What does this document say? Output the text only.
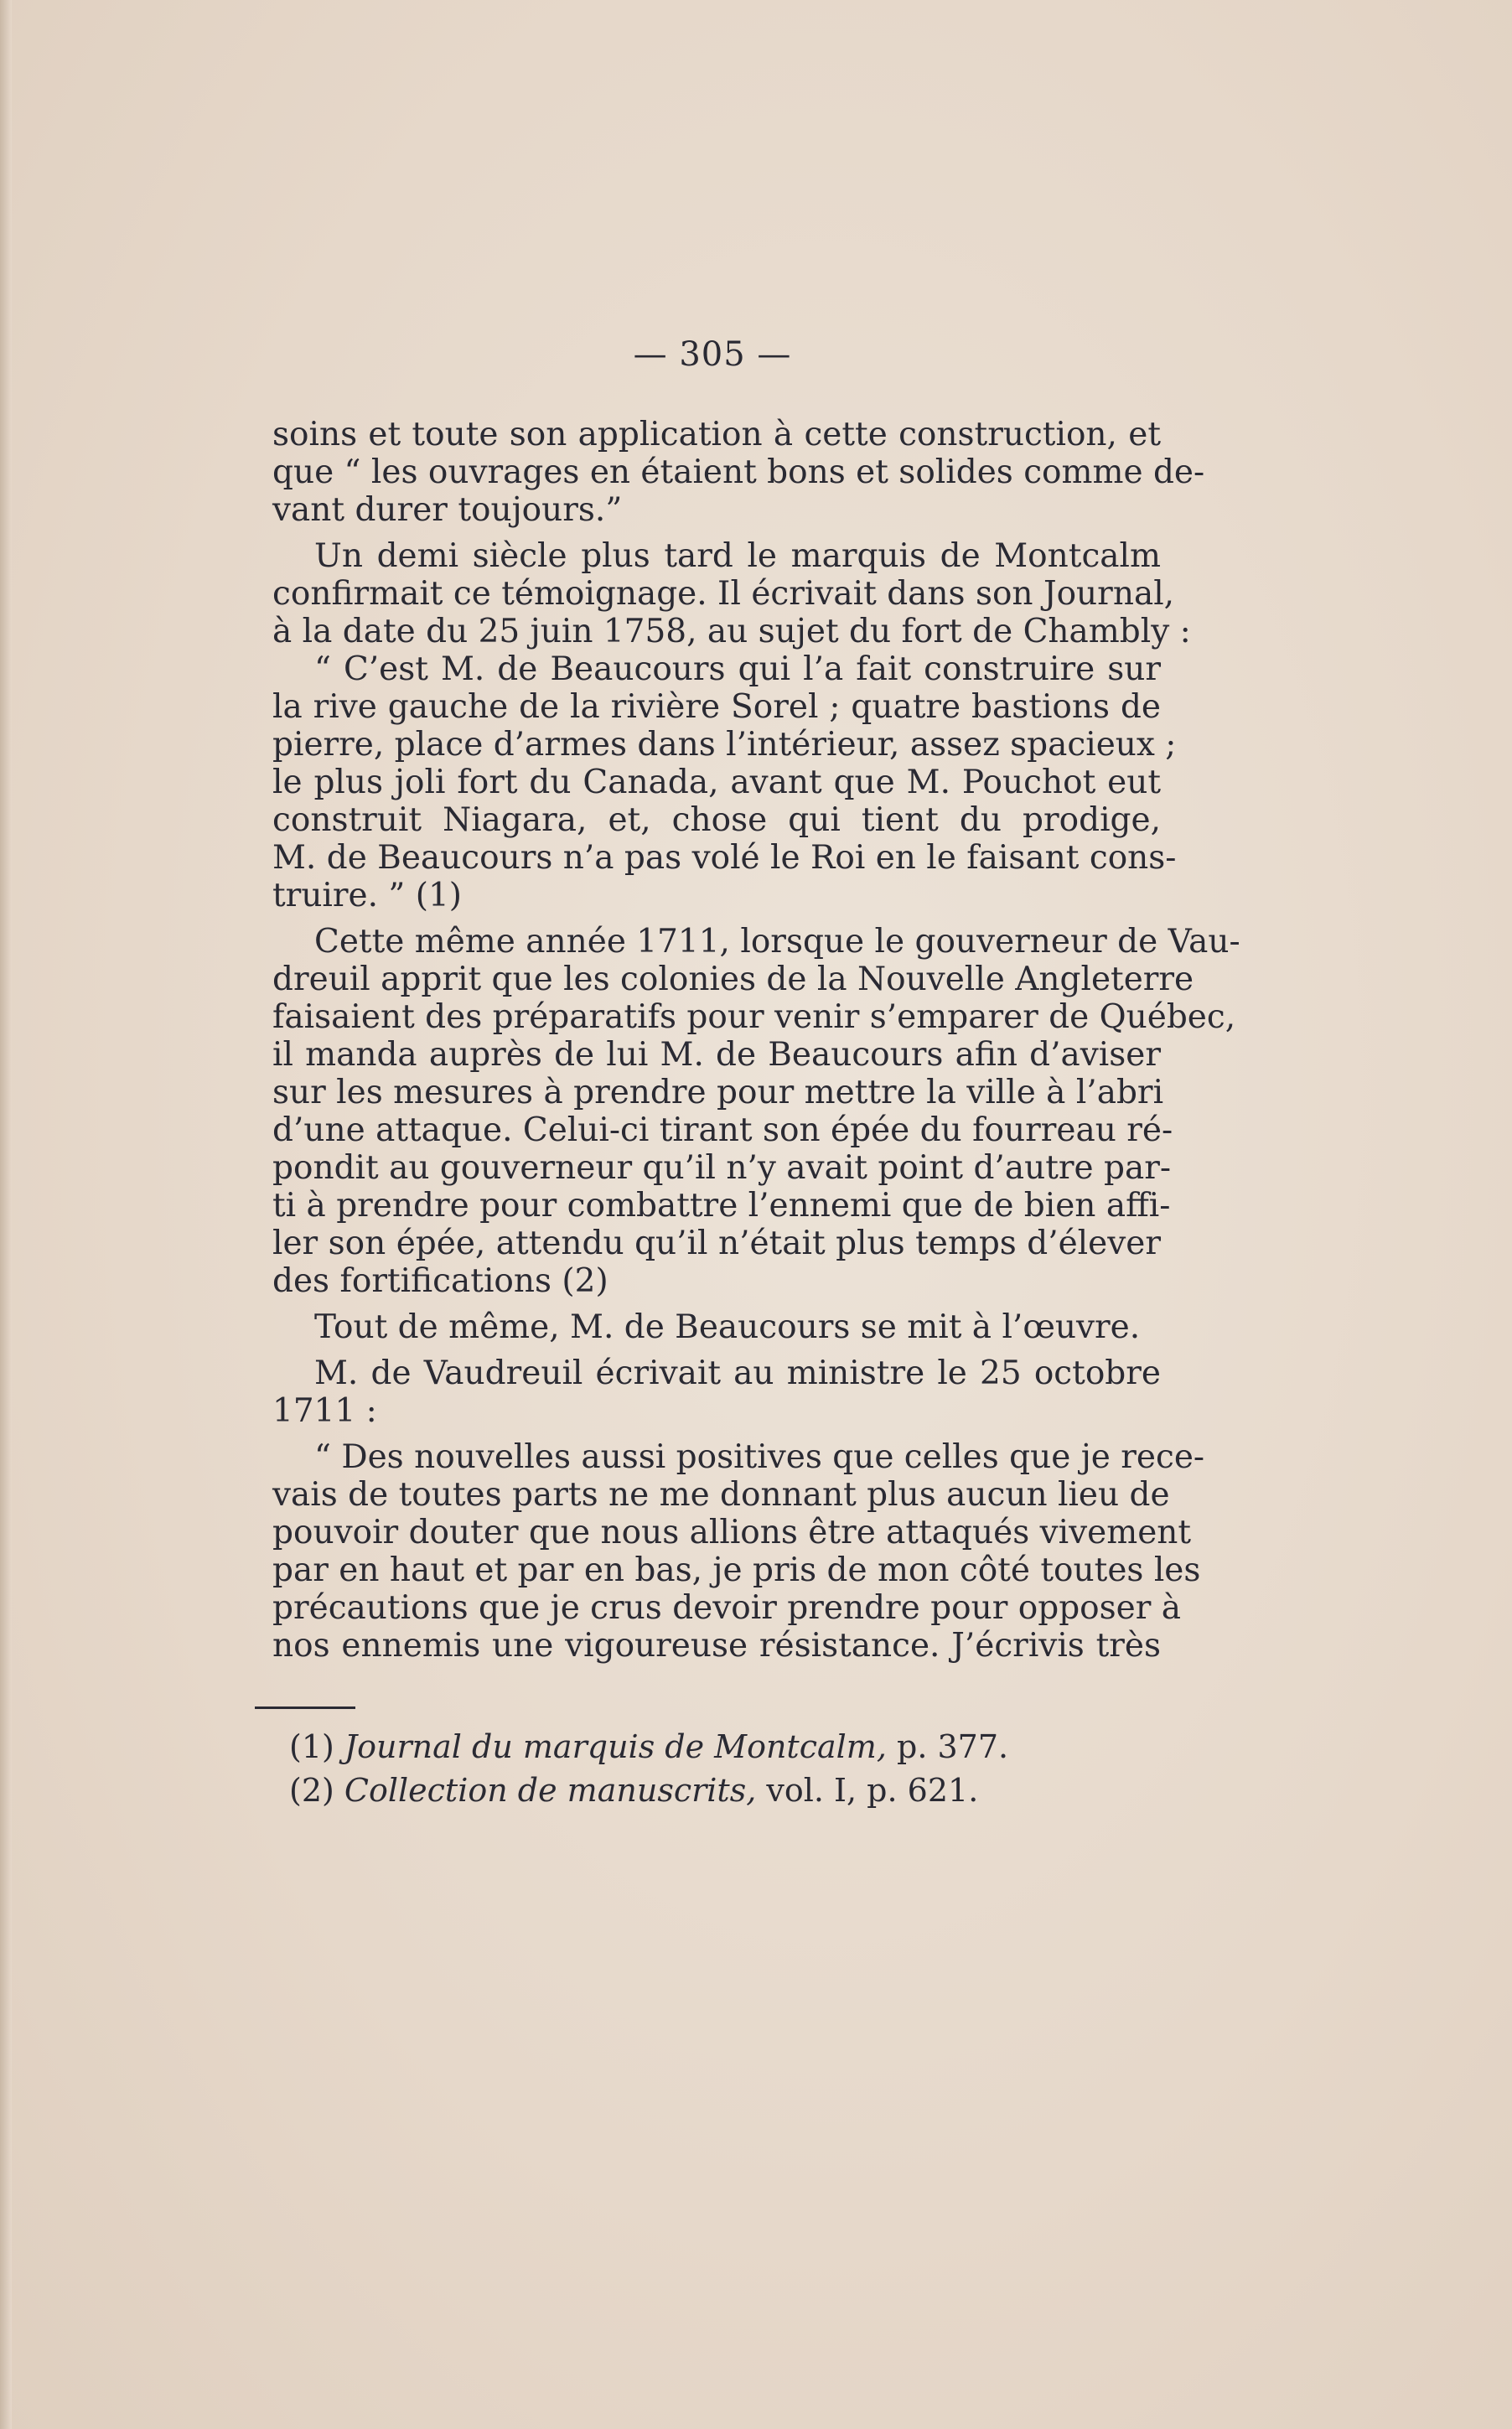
— 305 —
soins et toute son application à cette construction, et
que “ les ouvrages en étaient bons et solides comme de-
vant durer toujours.”
Un demi siècle plus tard le marquis de Montcalm
confirmait ce témoignage. Il écrivait dans son Journal,
à la date du 25 juin 1758, au sujet du fort de Chambly :
“ C’est M. de Beaucours qui l’a fait construire sur
la rive gauche de la rivière Sorel ; quatre bastions de
pierre, place d’armes dans l’intérieur, assez spacieux ;
le plus joli fort du Canada, avant que M. Pouchot eut
construit Niagara, et, chose qui tient du prodige,
M. de Beaucours n’a pas volé le Roi en le faisant cons-
truire. ” (1)
Cette même année 1711, lorsque le gouverneur de Vau-
dreuil apprit que les colonies de la Nouvelle Angleterre
faisaient des préparatifs pour venir s’emparer de Québec,
il manda auprès de lui M. de Beaucours afin d’aviser
sur les mesures à prendre pour mettre la ville à l’abri
d’une attaque. Celui-ci tirant son épée du fourreau ré-
pondit au gouverneur qu’il n’y avait point d’autre par-
ti à prendre pour combattre l’ennemi que de bien affi-
ler son épée, attendu qu’il n’était plus temps d’élever
des fortifications (2)
Tout de même, M. de Beaucours se mit à l’œuvre.
M. de Vaudreuil écrivait au ministre le 25 octobre
1711 :
“ Des nouvelles aussi positives que celles que je rece-
vais de toutes parts ne me donnant plus aucun lieu de
pouvoir douter que nous allions être attaqués vivement
par en haut et par en bas, je pris de mon côté toutes les
précautions que je crus devoir prendre pour opposer à
nos ennemis une vigoureuse résistance. J’écrivis très
(1) Journal du marquis de Montcalm, p. 377.
(2) Collection de manuscrits, vol. I, p. 621.
